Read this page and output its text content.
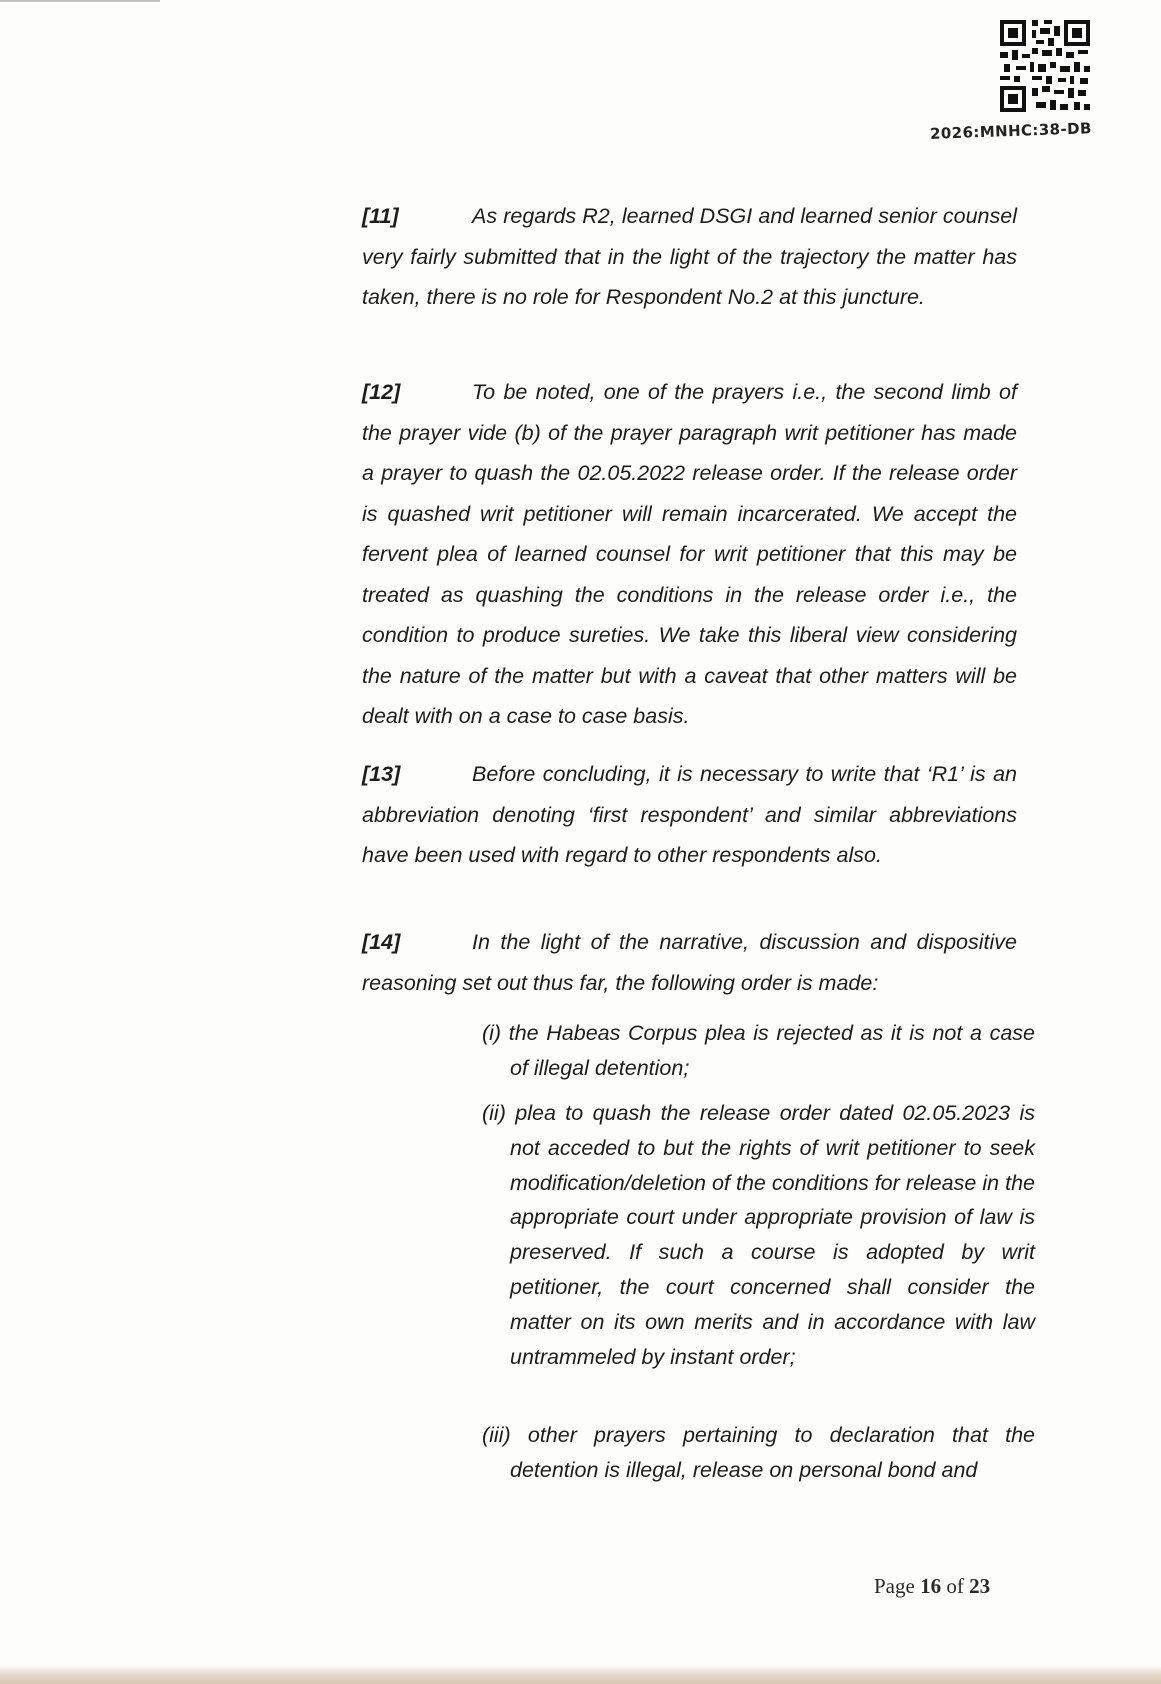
2026:MNHC:38-DB

[11]	As regards R2, learned DSGI and learned senior counsel very fairly submitted that in the light of the trajectory the matter has taken, there is no role for Respondent No.2 at this juncture.

[12]	To be noted, one of the prayers i.e., the second limb of the prayer vide (b) of the prayer paragraph writ petitioner has made a prayer to quash the 02.05.2022 release order. If the release order is quashed writ petitioner will remain incarcerated. We accept the fervent plea of learned counsel for writ petitioner that this may be treated as quashing the conditions in the release order i.e., the condition to produce sureties. We take this liberal view considering the nature of the matter but with a caveat that other matters will be dealt with on a case to case basis.

[13]	Before concluding, it is necessary to write that ‘R1’ is an abbreviation denoting ‘first respondent’ and similar abbreviations have been used with regard to other respondents also.

[14]	In the light of the narrative, discussion and dispositive reasoning set out thus far, the following order is made:

(i) the Habeas Corpus plea is rejected as it is not a case of illegal detention;

(ii) plea to quash the release order dated 02.05.2023 is not acceded to but the rights of writ petitioner to seek modification/deletion of the conditions for release in the appropriate court under appropriate provision of law is preserved. If such a course is adopted by writ petitioner, the court concerned shall consider the matter on its own merits and in accordance with law untrammeled by instant order;

(iii) other prayers pertaining to declaration that the detention is illegal, release on personal bond and

Page 16 of 23
